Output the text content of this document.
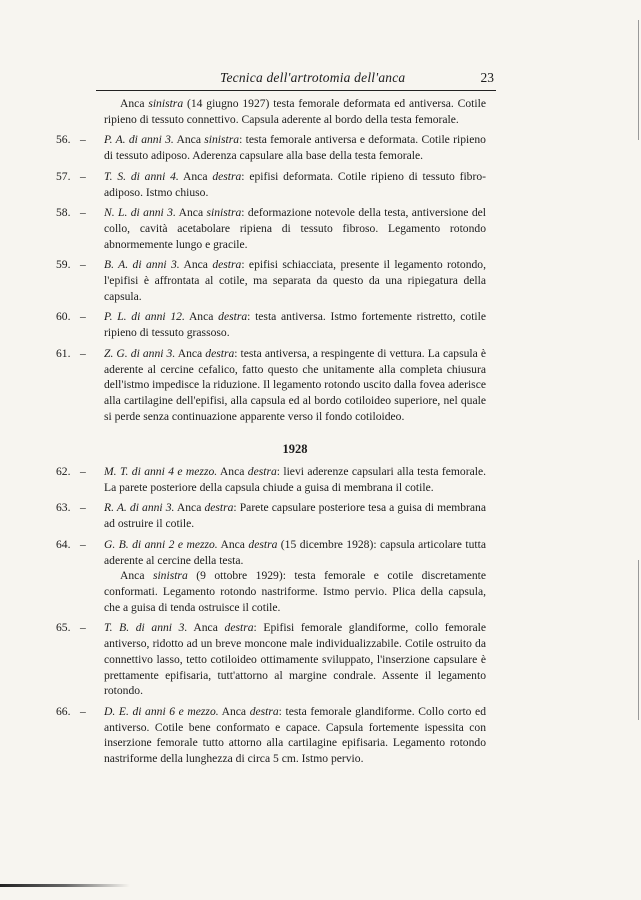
Tecnica dell'artrotomia dell'anca	23
Anca sinistra (14 giugno 1927) testa femorale deformata ed antiversa. Cotile ripieno di tessuto connettivo. Capsula aderente al bordo della testa femorale.
56. –	P. A. di anni 3. Anca sinistra: testa femorale antiversa e deformata. Cotile ripieno di tessuto adiposo. Aderenza capsulare alla base della testa femorale.
57. –	T. S. di anni 4. Anca destra: epifisi deformata. Cotile ripieno di tessuto fibro-adiposo. Istmo chiuso.
58. –	N. L. di anni 3. Anca sinistra: deformazione notevole della testa, antiversione del collo, cavità acetabolare ripiena di tessuto fibroso. Legamento rotondo abnormemente lungo e gracile.
59. –	B. A. di anni 3. Anca destra: epifisi schiacciata, presente il legamento rotondo, l'epifisi è affrontata al cotile, ma separata da questo da una ripiegatura della capsula.
60. –	P. L. di anni 12. Anca destra: testa antiversa. Istmo fortemente ristretto, cotile ripieno di tessuto grassoso.
61. –	Z. G. di anni 3. Anca destra: testa antiversa, a respingente di vettura. La capsula è aderente al cercine cefalico, fatto questo che unitamente alla completa chiusura dell'istmo impedisce la riduzione. Il legamento rotondo uscito dalla fovea aderisce alla cartilagine dell'epifisi, alla capsula ed al bordo cotiloideo superiore, nel quale si perde senza continuazione apparente verso il fondo cotiloideo.
1928
62. –	M. T. di anni 4 e mezzo. Anca destra: lievi aderenze capsulari alla testa femorale. La parete posteriore della capsula chiude a guisa di membrana il cotile.
63. –	R. A. di anni 3. Anca destra: Parete capsulare posteriore tesa a guisa di membrana ad ostruire il cotile.
64. –	G. B. di anni 2 e mezzo. Anca destra (15 dicembre 1928): capsula articolare tutta aderente al cercine della testa.
Anca sinistra (9 ottobre 1929): testa femorale e cotile discretamente conformati. Legamento rotondo nastriforme. Istmo pervio. Plica della capsula, che a guisa di tenda ostruisce il cotile.
65. –	T. B. di anni 3. Anca destra: Epifisi femorale glandiforme, collo femorale antiverso, ridotto ad un breve moncone male individualizzabile. Cotile ostruito da connettivo lasso, tetto cotiloideo ottimamente sviluppato, l'inserzione capsulare è prettamente epifisaria, tutt'attorno al margine condrale. Assente il legamento rotondo.
66. –	D. E. di anni 6 e mezzo. Anca destra: testa femorale glandiforme. Collo corto ed antiverso. Cotile bene conformato e capace. Capsula fortemente ispessita con inserzione femorale tutto attorno alla cartilagine epifisaria. Legamento rotondo nastriforme della lunghezza di circa 5 cm. Istmo pervio.
